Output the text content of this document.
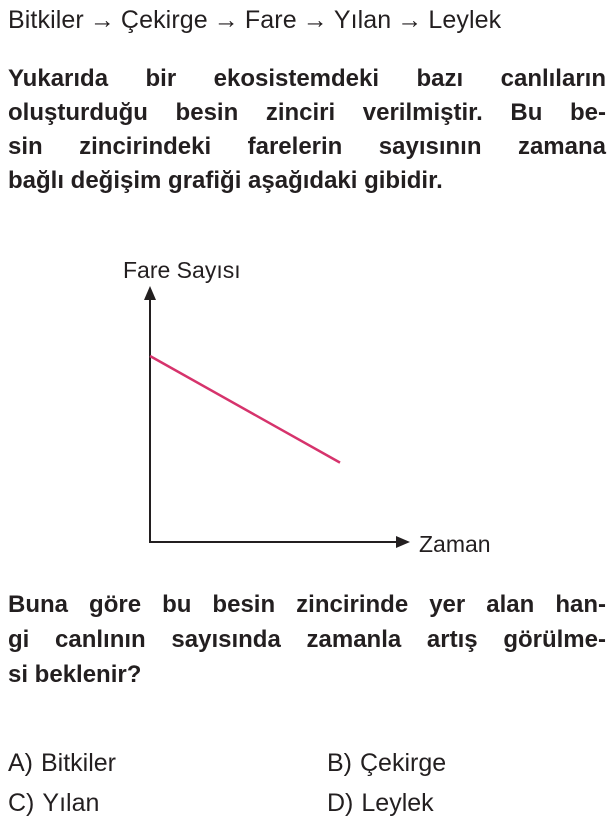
Bitkiler → Çekirge → Fare → Yılan → Leylek

Yukarıda bir ekosistemdeki bazı canlıların
oluşturduğu besin zinciri verilmiştir. Bu be-
sin zincirindeki farelerin sayısının zamana
bağlı değişim grafiği aşağıdaki gibidir.

Fare Sayısı
Zaman

Buna göre bu besin zincirinde yer alan han-
gi canlının sayısında zamanla artış görülme-
si beklenir?

A) Bitkiler	B) Çekirge
C) Yılan	D) Leylek
